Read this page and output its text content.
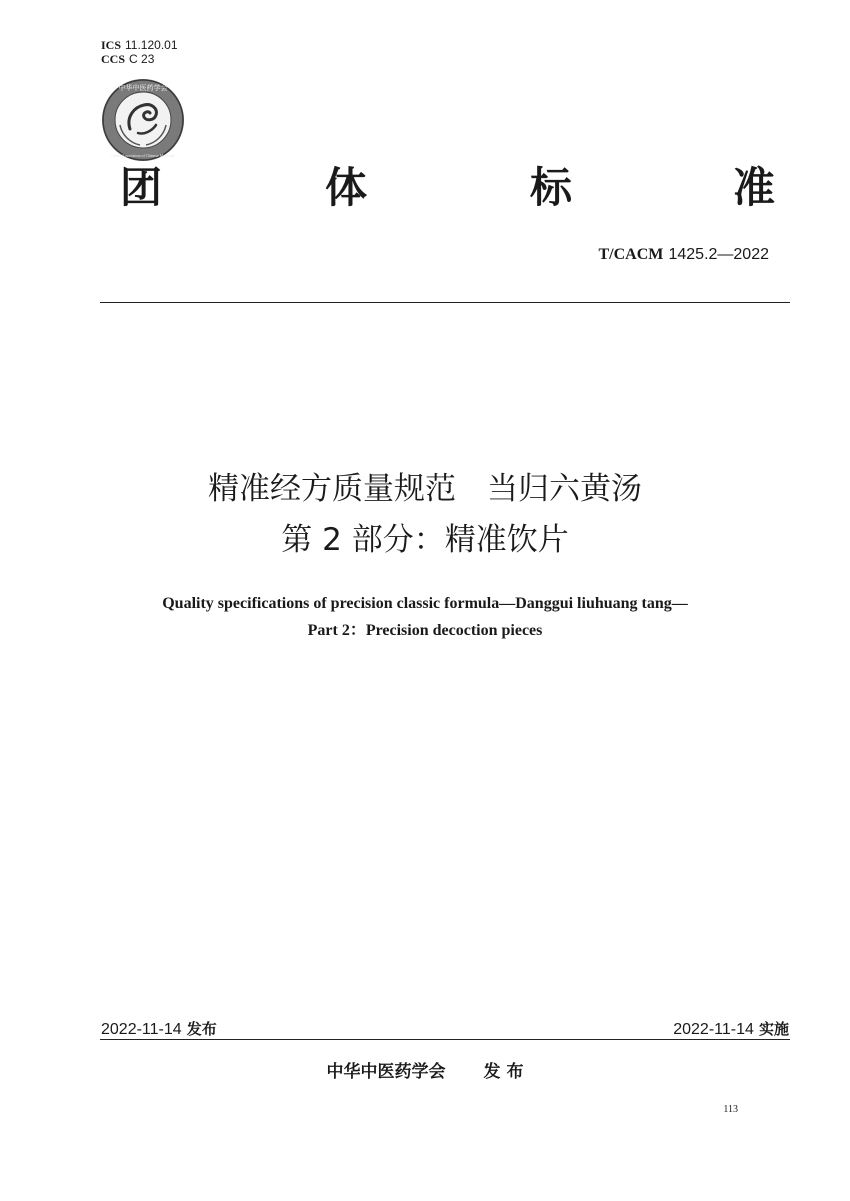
ICS 11.120.01
CCS C 23
中华中医药学会
China Association of Chinese Medicine
团	体	标	准
T/CACM 1425.2—2022
精准经方质量规范　当归六黄汤
第 2 部分：精准饮片
Quality specifications of precision classic formula—Danggui liuhuang tang—
Part 2：Precision decoction pieces
2022-11-14 发布	2022-11-14 实施
中华中医药学会 发 布
113
